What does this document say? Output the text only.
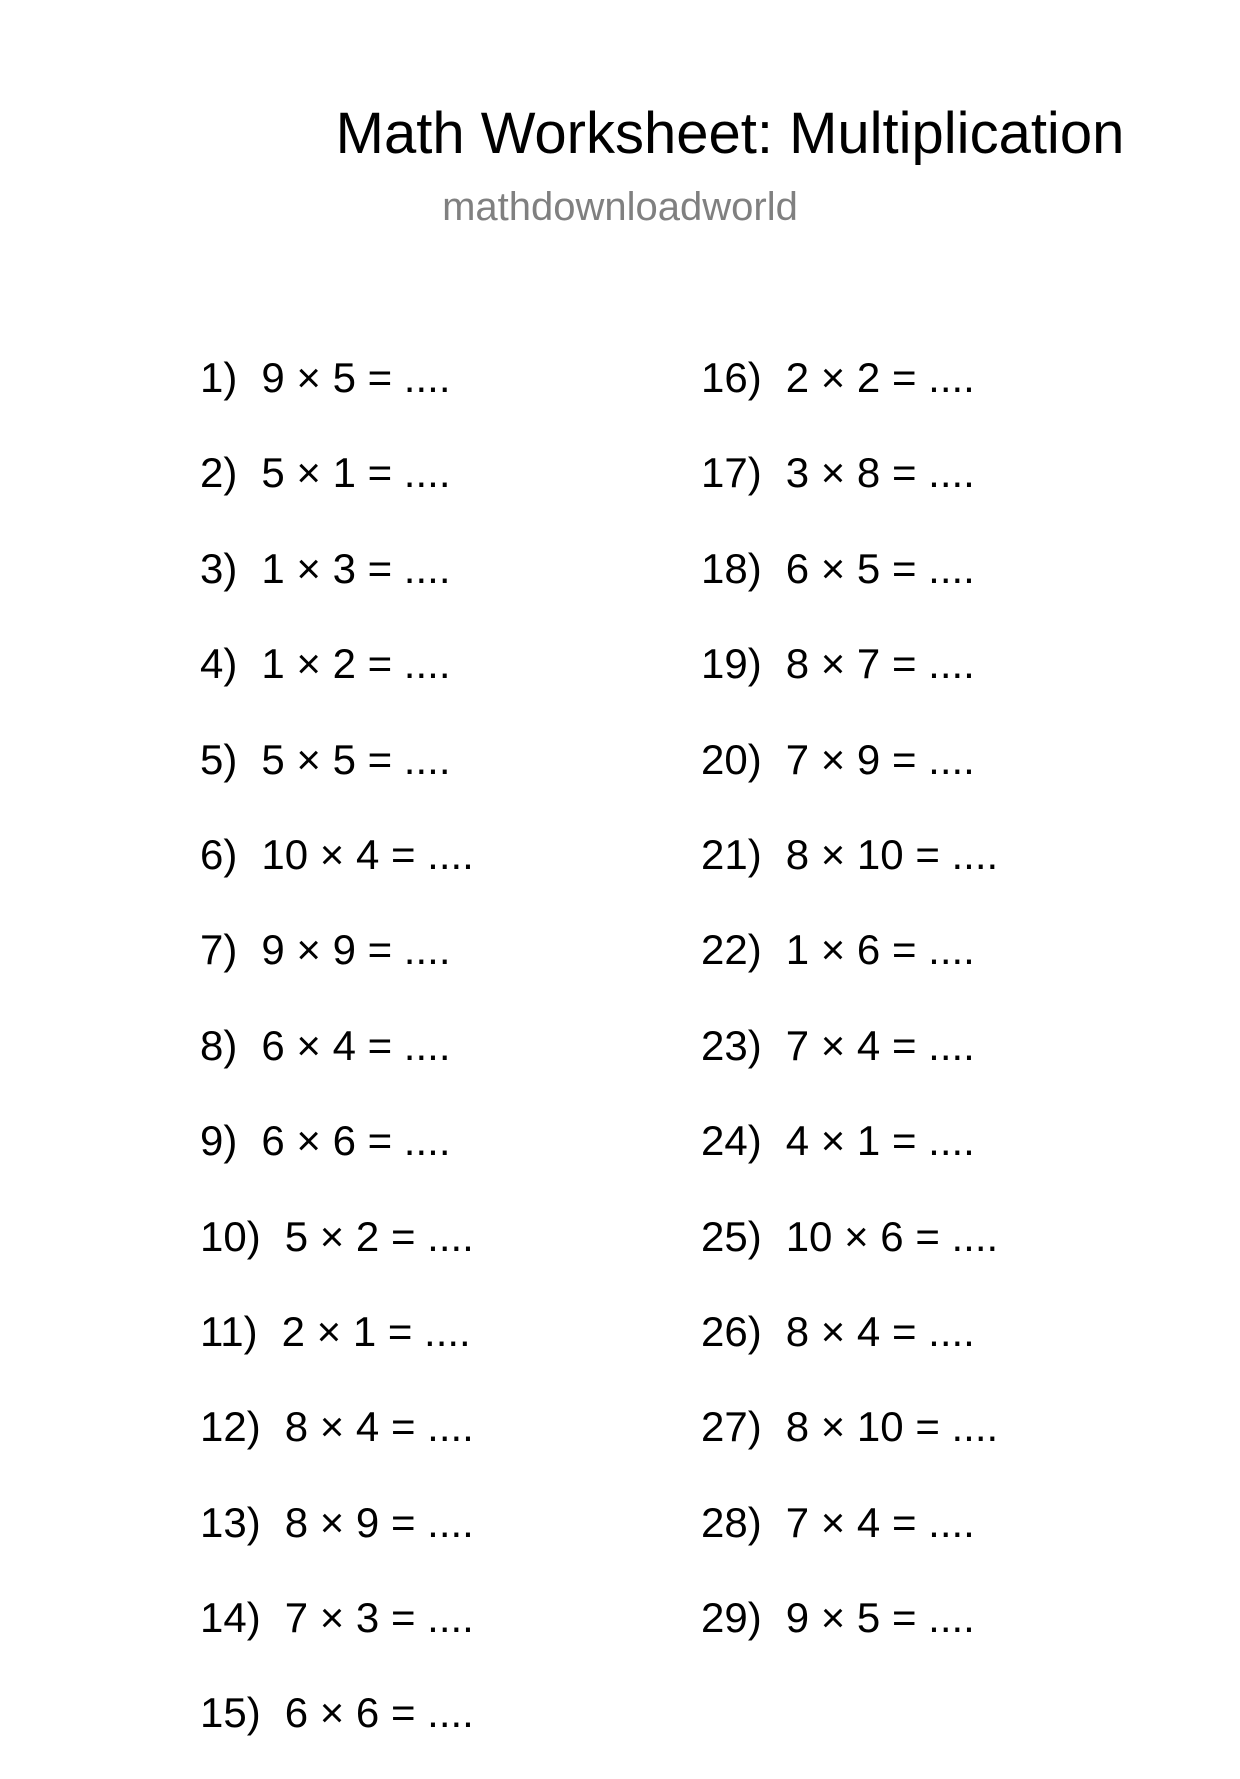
Math Worksheet: Multiplication
mathdownloadworld
1) 9 × 5 = ....
2) 5 × 1 = ....
3) 1 × 3 = ....
4) 1 × 2 = ....
5) 5 × 5 = ....
6) 10 × 4 = ....
7) 9 × 9 = ....
8) 6 × 4 = ....
9) 6 × 6 = ....
10) 5 × 2 = ....
11) 2 × 1 = ....
12) 8 × 4 = ....
13) 8 × 9 = ....
14) 7 × 3 = ....
15) 6 × 6 = ....
16) 2 × 2 = ....
17) 3 × 8 = ....
18) 6 × 5 = ....
19) 8 × 7 = ....
20) 7 × 9 = ....
21) 8 × 10 = ....
22) 1 × 6 = ....
23) 7 × 4 = ....
24) 4 × 1 = ....
25) 10 × 6 = ....
26) 8 × 4 = ....
27) 8 × 10 = ....
28) 7 × 4 = ....
29) 9 × 5 = ....
